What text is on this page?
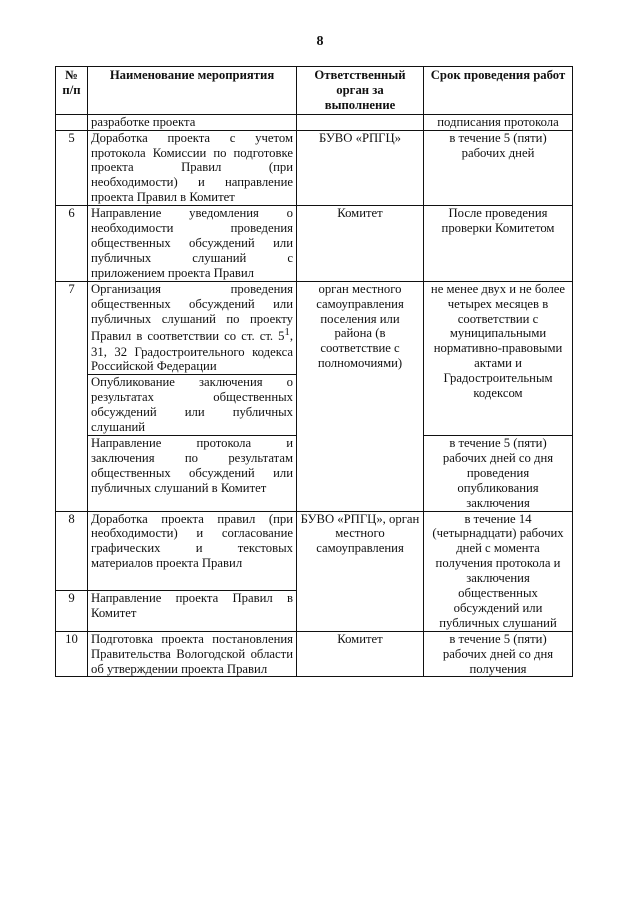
8
№ п/п	Наименование мероприятия	Ответственный орган за выполнение	Срок проведения работ
	разработке проекта		подписания протокола
5	Доработка проекта с учетом протокола Комиссии по подготовке проекта Правил (при необходимости) и направление проекта Правил в Комитет	БУВО «РПГЦ»	в течение 5 (пяти) рабочих дней
6	Направление уведомления о необходимости проведения общественных обсуждений или публичных слушаний с приложением проекта Правил	Комитет	После проведения проверки Комитетом
7	Организация проведения общественных обсуждений или публичных слушаний по проекту Правил в соответствии со ст. ст. $5^1$, 31, 32 Градостроительного кодекса Российской Федерации	орган местного самоуправления поселения или района (в соответствие с полномочиями)	не менее двух и не более четырех месяцев в соответствии с муниципальными нормативно-правовыми актами и Градостроительным кодексом
	Опубликование заключения о результатах общественных обсуждений или публичных слушаний		
	Направление протокола и заключения по результатам общественных обсуждений или публичных слушаний в Комитет		в течение 5 (пяти) рабочих дней со дня проведения опубликования заключения
8	Доработка проекта правил (при необходимости) и согласование графических и текстовых материалов проекта Правил	БУВО «РПГЦ», орган местного самоуправления	в течение 14 (четырнадцати) рабочих дней с момента получения протокола и заключения общественных обсуждений или публичных слушаний
9	Направление проекта Правил в Комитет		
10	Подготовка проекта постановления Правительства Вологодской области об утверждении проекта Правил	Комитет	в течение 5 (пяти) рабочих дней со дня получения
